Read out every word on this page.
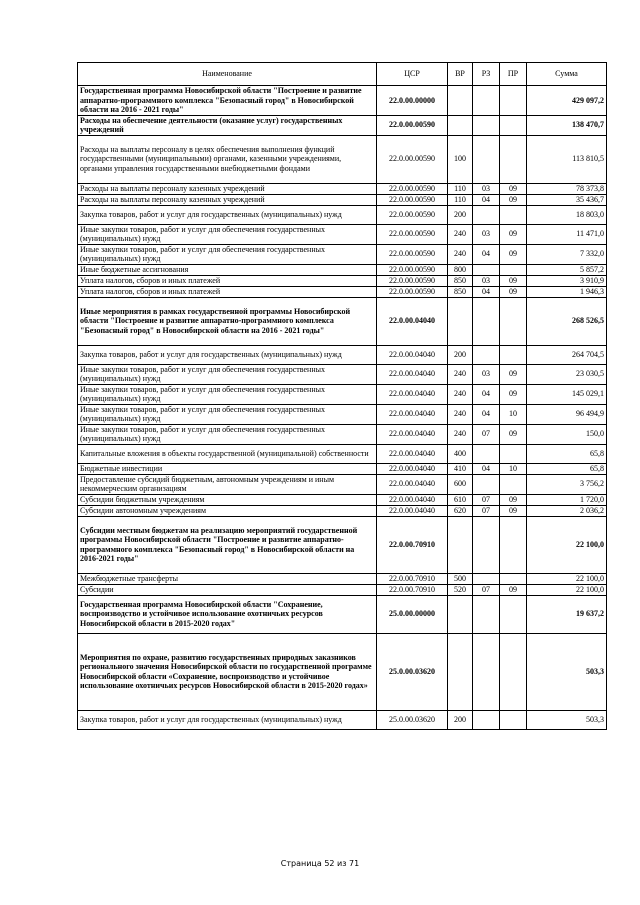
Наименование	ЦСР	ВР	РЗ	ПР	Сумма
Государственная программа Новосибирской области "Построение и развитие аппаратно-программного комплекса "Безопасный город" в Новосибирской области на 2016 - 2021 годы"	22.0.00.00000				429 097,2
Расходы на обеспечение деятельности (оказание услуг) государственных учреждений	22.0.00.00590				138 470,7
Расходы на выплаты персоналу в целях обеспечения выполнения функций государственными (муниципальными) органами, казенными учреждениями, органами управления государственными внебюджетными фондами	22.0.00.00590	100			113 810,5
Расходы на выплаты персоналу казенных учреждений	22.0.00.00590	110	03	09	78 373,8
Расходы на выплаты персоналу казенных учреждений	22.0.00.00590	110	04	09	35 436,7
Закупка товаров, работ и услуг для государственных (муниципальных) нужд	22.0.00.00590	200			18 803,0
Иные закупки товаров, работ и услуг для обеспечения государственных (муниципальных) нужд	22.0.00.00590	240	03	09	11 471,0
Иные закупки товаров, работ и услуг для обеспечения государственных (муниципальных) нужд	22.0.00.00590	240	04	09	7 332,0
Иные бюджетные ассигнования	22.0.00.00590	800			5 857,2
Уплата налогов, сборов и иных платежей	22.0.00.00590	850	03	09	3 910,9
Уплата налогов, сборов и иных платежей	22.0.00.00590	850	04	09	1 946,3
Иные мероприятия в рамках государственной программы Новосибирской области "Построение и развитие аппаратно-программного комплекса "Безопасный город" в Новосибирской области на 2016 - 2021 годы"	22.0.00.04040				268 526,5
Закупка товаров, работ и услуг для государственных (муниципальных) нужд	22.0.00.04040	200			264 704,5
Иные закупки товаров, работ и услуг для обеспечения государственных (муниципальных) нужд	22.0.00.04040	240	03	09	23 030,5
Иные закупки товаров, работ и услуг для обеспечения государственных (муниципальных) нужд	22.0.00.04040	240	04	09	145 029,1
Иные закупки товаров, работ и услуг для обеспечения государственных (муниципальных) нужд	22.0.00.04040	240	04	10	96 494,9
Иные закупки товаров, работ и услуг для обеспечения государственных (муниципальных) нужд	22.0.00.04040	240	07	09	150,0
Капитальные вложения в объекты государственной (муниципальной) собственности	22.0.00.04040	400			65,8
Бюджетные инвестиции	22.0.00.04040	410	04	10	65,8
Предоставление субсидий бюджетным, автономным учреждениям и иным некоммерческим организациям	22.0.00.04040	600			3 756,2
Субсидии бюджетным учреждениям	22.0.00.04040	610	07	09	1 720,0
Субсидии автономным учреждениям	22.0.00.04040	620	07	09	2 036,2
Субсидии местным бюджетам на реализацию мероприятий государственной программы Новосибирской области "Построение и развитие аппаратно-программного комплекса "Безопасный город" в Новосибирской области на 2016-2021 годы"	22.0.00.70910				22 100,0
Межбюджетные трансферты	22.0.00.70910	500			22 100,0
Субсидии	22.0.00.70910	520	07	09	22 100,0
Государственная программа Новосибирской области "Сохранение, воспроизводство и устойчивое использование охотничьих ресурсов Новосибирской области в 2015-2020 годах"	25.0.00.00000				19 637,2
Мероприятия по охране, развитию государственных природных заказников регионального значения Новосибирской области по государственной программе Новосибирской области «Сохранение, воспроизводство и устойчивое использование охотничьих ресурсов Новосибирской области в 2015-2020 годах»	25.0.00.03620				503,3
Закупка товаров, работ и услуг для государственных (муниципальных) нужд	25.0.00.03620	200			503,3
Страница 52 из 71
